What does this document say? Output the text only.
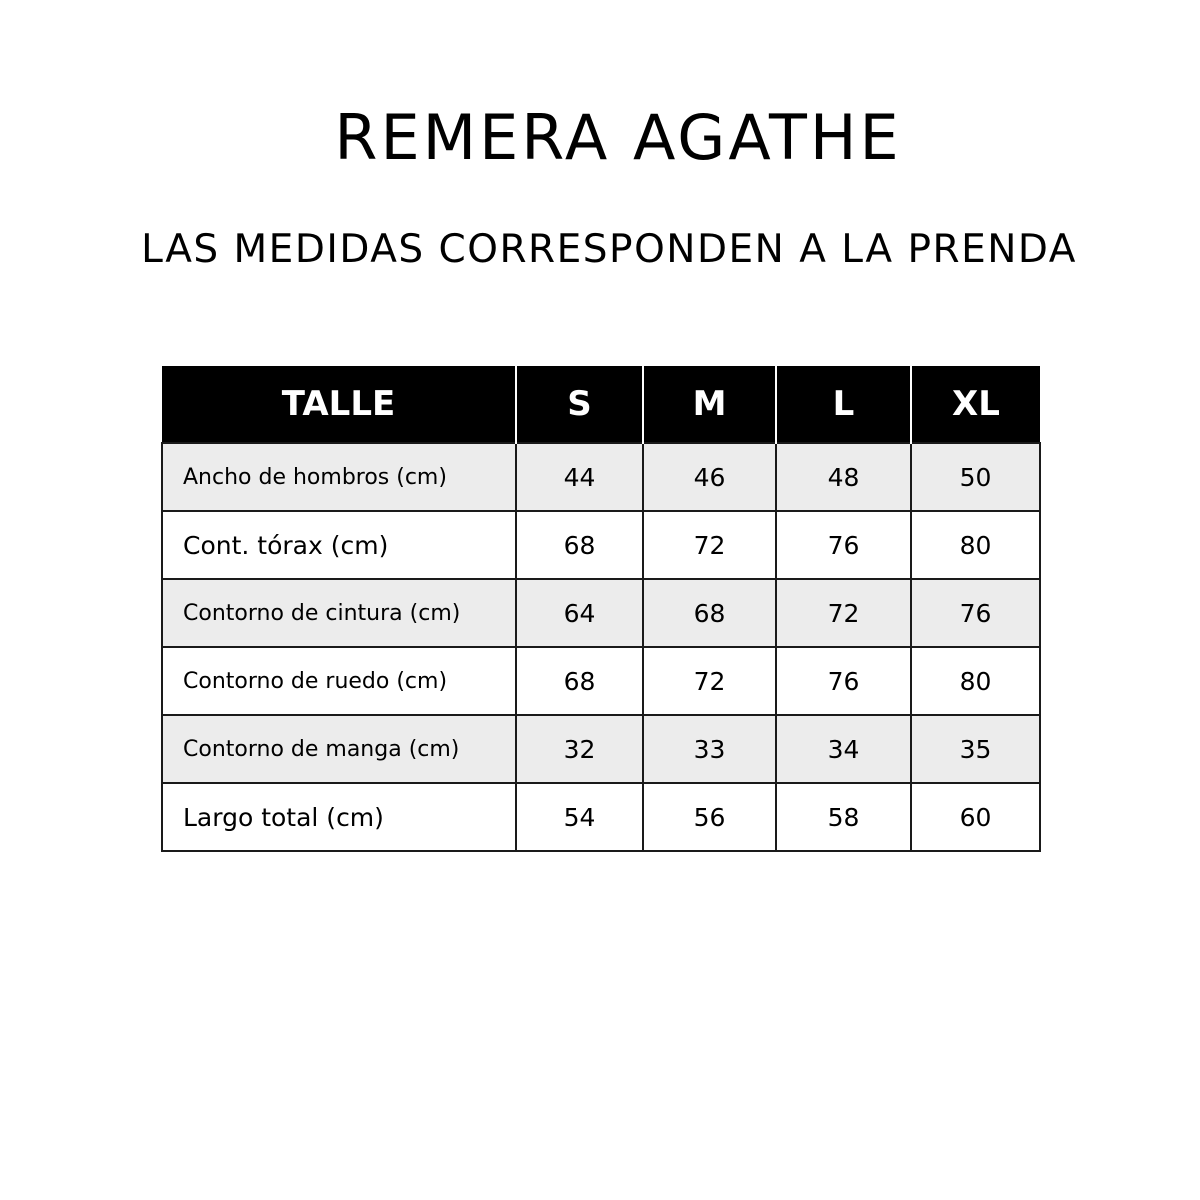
REMERA AGATHE
LAS MEDIDAS CORRESPONDEN A LA PRENDA
TALLE	S	M	L	XL
Ancho de hombros (cm)	44	46	48	50
Cont. tórax (cm)	68	72	76	80
Contorno de cintura (cm)	64	68	72	76
Contorno de ruedo (cm)	68	72	76	80
Contorno de manga (cm)	32	33	34	35
Largo total (cm)	54	56	58	60
